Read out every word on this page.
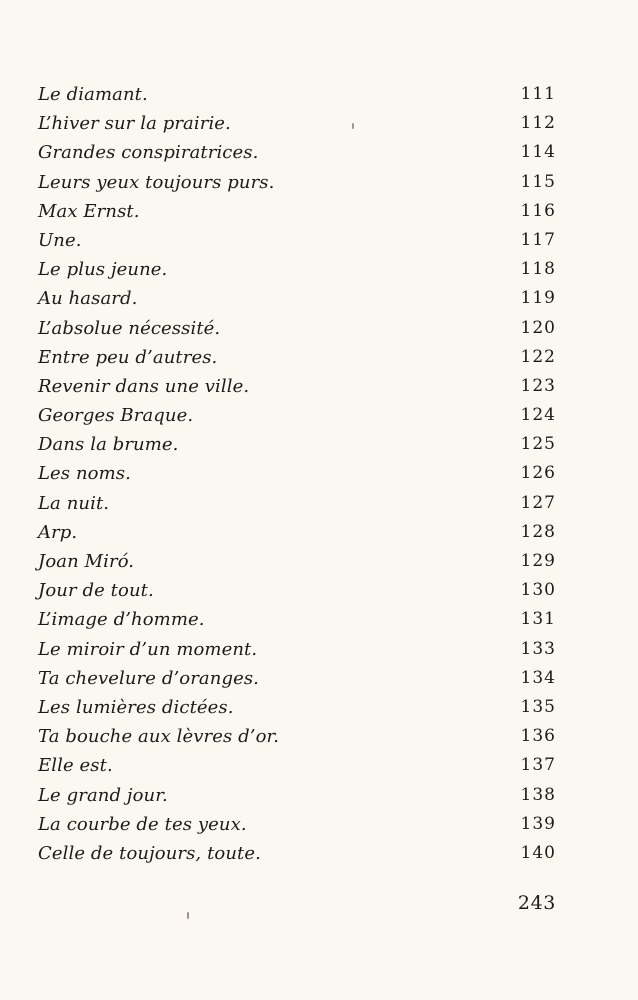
Le diamant.	111
L’hiver sur la prairie.	112
Grandes conspiratrices.	114
Leurs yeux toujours purs.	115
Max Ernst.	116
Une.	117
Le plus jeune.	118
Au hasard.	119
L’absolue nécessité.	120
Entre peu d’autres.	122
Revenir dans une ville.	123
Georges Braque.	124
Dans la brume.	125
Les noms.	126
La nuit.	127
Arp.	128
Joan Miró.	129
Jour de tout.	130
L’image d’homme.	131
Le miroir d’un moment.	133
Ta chevelure d’oranges.	134
Les lumières dictées.	135
Ta bouche aux lèvres d’or.	136
Elle est.	137
Le grand jour.	138
La courbe de tes yeux.	139
Celle de toujours, toute.	140
243
